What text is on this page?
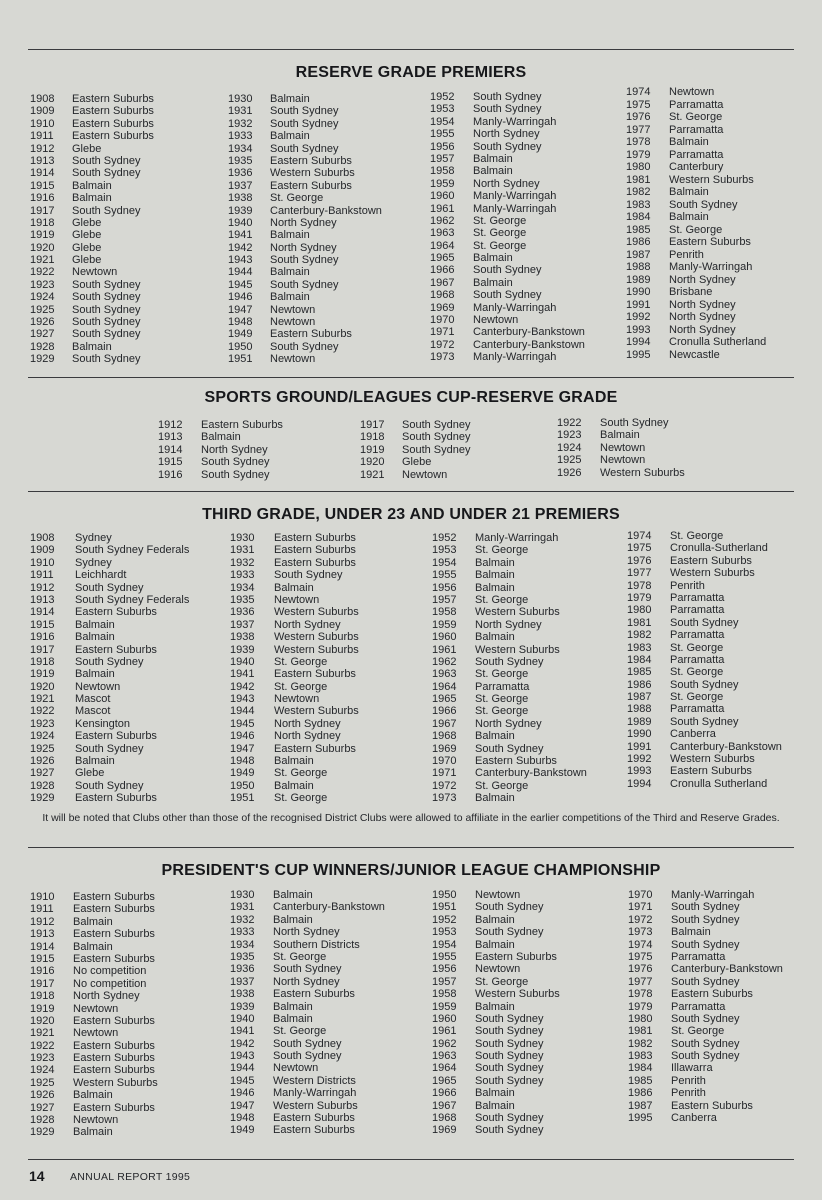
RESERVE GRADE PREMIERS
1908	Eastern Suburbs
1909	Eastern Suburbs
1910	Eastern Suburbs
1911	Eastern Suburbs
1912	Glebe
1913	South Sydney
1914	South Sydney
1915	Balmain
1916	Balmain
1917	South Sydney
1918	Glebe
1919	Glebe
1920	Glebe
1921	Glebe
1922	Newtown
1923	South Sydney
1924	South Sydney
1925	South Sydney
1926	South Sydney
1927	South Sydney
1928	Balmain
1929	South Sydney
1930	Balmain
1931	South Sydney
1932	South Sydney
1933	Balmain
1934	South Sydney
1935	Eastern Suburbs
1936	Western Suburbs
1937	Eastern Suburbs
1938	St. George
1939	Canterbury-Bankstown
1940	North Sydney
1941	Balmain
1942	North Sydney
1943	South Sydney
1944	Balmain
1945	South Sydney
1946	Balmain
1947	Newtown
1948	Newtown
1949	Eastern Suburbs
1950	South Sydney
1951	Newtown
1952	South Sydney
1953	South Sydney
1954	Manly-Warringah
1955	North Sydney
1956	South Sydney
1957	Balmain
1958	Balmain
1959	North Sydney
1960	Manly-Warringah
1961	Manly-Warringah
1962	St. George
1963	St. George
1964	St. George
1965	Balmain
1966	South Sydney
1967	Balmain
1968	South Sydney
1969	Manly-Warringah
1970	Newtown
1971	Canterbury-Bankstown
1972	Canterbury-Bankstown
1973	Manly-Warringah
1974	Newtown
1975	Parramatta
1976	St. George
1977	Parramatta
1978	Balmain
1979	Parramatta
1980	Canterbury
1981	Western Suburbs
1982	Balmain
1983	South Sydney
1984	Balmain
1985	St. George
1986	Eastern Suburbs
1987	Penrith
1988	Manly-Warringah
1989	North Sydney
1990	Brisbane
1991	North Sydney
1992	North Sydney
1993	North Sydney
1994	Cronulla Sutherland
1995	Newcastle
SPORTS GROUND/LEAGUES CUP-RESERVE GRADE
1912	Eastern Suburbs
1913	Balmain
1914	North Sydney
1915	South Sydney
1916	South Sydney
1917	South Sydney
1918	South Sydney
1919	South Sydney
1920	Glebe
1921	Newtown
1922	South Sydney
1923	Balmain
1924	Newtown
1925	Newtown
1926	Western Suburbs
THIRD GRADE, UNDER 23 AND UNDER 21 PREMIERS
1908	Sydney
1909	South Sydney Federals
1910	Sydney
1911	Leichhardt
1912	South Sydney
1913	South Sydney Federals
1914	Eastern Suburbs
1915	Balmain
1916	Balmain
1917	Eastern Suburbs
1918	South Sydney
1919	Balmain
1920	Newtown
1921	Mascot
1922	Mascot
1923	Kensington
1924	Eastern Suburbs
1925	South Sydney
1926	Balmain
1927	Glebe
1928	South Sydney
1929	Eastern Suburbs
1930	Eastern Suburbs
1931	Eastern Suburbs
1932	Eastern Suburbs
1933	South Sydney
1934	Balmain
1935	Newtown
1936	Western Suburbs
1937	North Sydney
1938	Western Suburbs
1939	Western Suburbs
1940	St. George
1941	Eastern Suburbs
1942	St. George
1943	Newtown
1944	Western Suburbs
1945	North Sydney
1946	North Sydney
1947	Eastern Suburbs
1948	Balmain
1949	St. George
1950	Balmain
1951	St. George
1952	Manly-Warringah
1953	St. George
1954	Balmain
1955	Balmain
1956	Balmain
1957	St. George
1958	Western Suburbs
1959	North Sydney
1960	Balmain
1961	Western Suburbs
1962	South Sydney
1963	St. George
1964	Parramatta
1965	St. George
1966	St. George
1967	North Sydney
1968	Balmain
1969	South Sydney
1970	Eastern Suburbs
1971	Canterbury-Bankstown
1972	St. George
1973	Balmain
1974	St. George
1975	Cronulla-Sutherland
1976	Eastern Suburbs
1977	Western Suburbs
1978	Penrith
1979	Parramatta
1980	Parramatta
1981	South Sydney
1982	Parramatta
1983	St. George
1984	Parramatta
1985	St. George
1986	South Sydney
1987	St. George
1988	Parramatta
1989	South Sydney
1990	Canberra
1991	Canterbury-Bankstown
1992	Western Suburbs
1993	Eastern Suburbs
1994	Cronulla Sutherland
It will be noted that Clubs other than those of the recognised District Clubs were allowed to affiliate in the earlier competitions of the Third and Reserve Grades.
PRESIDENT'S CUP WINNERS/JUNIOR LEAGUE CHAMPIONSHIP
1910	Eastern Suburbs
1911	Eastern Suburbs
1912	Balmain
1913	Eastern Suburbs
1914	Balmain
1915	Eastern Suburbs
1916	No competition
1917	No competition
1918	North Sydney
1919	Newtown
1920	Eastern Suburbs
1921	Newtown
1922	Eastern Suburbs
1923	Eastern Suburbs
1924	Eastern Suburbs
1925	Western Suburbs
1926	Balmain
1927	Eastern Suburbs
1928	Newtown
1929	Balmain
1930	Balmain
1931	Canterbury-Bankstown
1932	Balmain
1933	North Sydney
1934	Southern Districts
1935	St. George
1936	South Sydney
1937	North Sydney
1938	Eastern Suburbs
1939	Balmain
1940	Balmain
1941	St. George
1942	South Sydney
1943	South Sydney
1944	Newtown
1945	Western Districts
1946	Manly-Warringah
1947	Western Suburbs
1948	Eastern Suburbs
1949	Eastern Suburbs
1950	Newtown
1951	South Sydney
1952	Balmain
1953	South Sydney
1954	Balmain
1955	Eastern Suburbs
1956	Newtown
1957	St. George
1958	Western Suburbs
1959	Balmain
1960	South Sydney
1961	South Sydney
1962	South Sydney
1963	South Sydney
1964	South Sydney
1965	South Sydney
1966	Balmain
1967	Balmain
1968	South Sydney
1969	South Sydney
1970	Manly-Warringah
1971	South Sydney
1972	South Sydney
1973	Balmain
1974	South Sydney
1975	Parramatta
1976	Canterbury-Bankstown
1977	South Sydney
1978	Eastern Suburbs
1979	Parramatta
1980	South Sydney
1981	St. George
1982	South Sydney
1983	South Sydney
1984	Illawarra
1985	Penrith
1986	Penrith
1987	Eastern Suburbs
1995	Canberra
14 ANNUAL REPORT 1995
